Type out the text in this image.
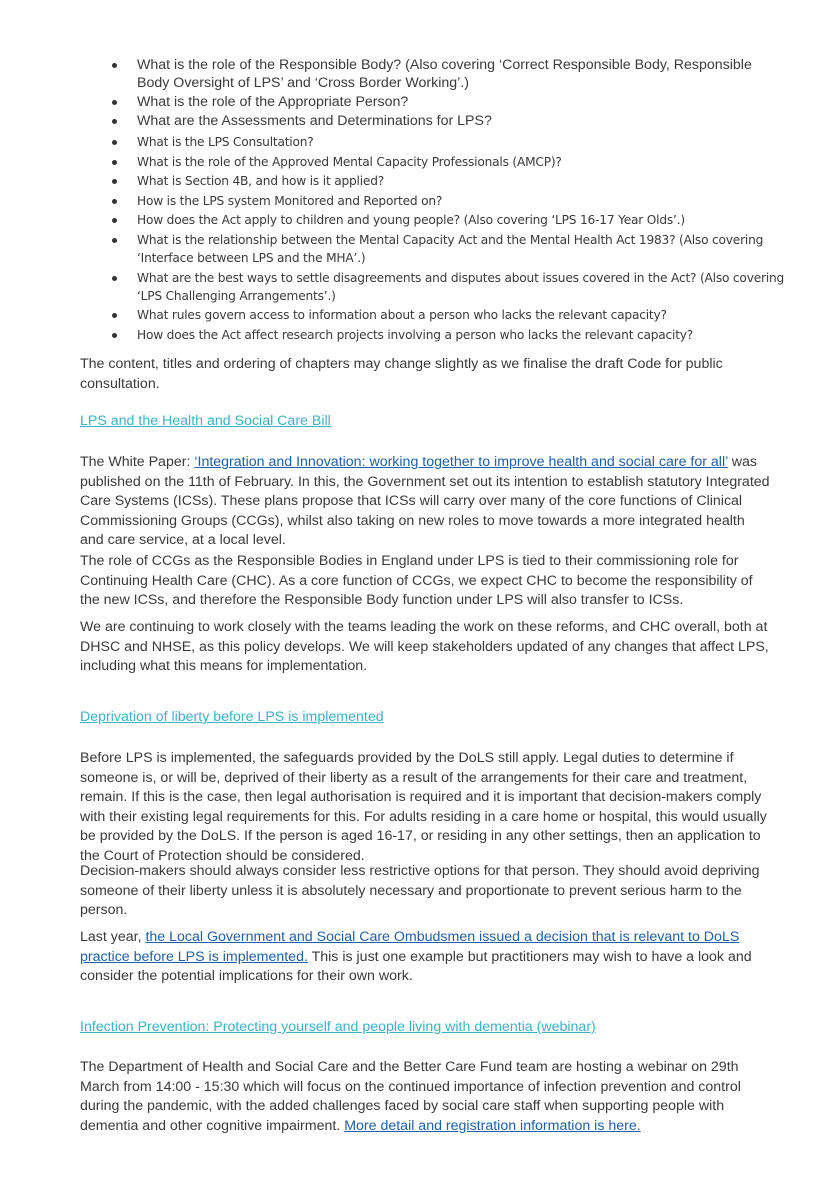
What is the role of the Responsible Body? (Also covering ‘Correct Responsible Body, Responsible Body Oversight of LPS’ and ‘Cross Border Working’.)
What is the role of the Appropriate Person?
What are the Assessments and Determinations for LPS?
What is the LPS Consultation?
What is the role of the Approved Mental Capacity Professionals (AMCP)?
What is Section 4B, and how is it applied?
How is the LPS system Monitored and Reported on?
How does the Act apply to children and young people? (Also covering ‘LPS 16-17 Year Olds’.)
What is the relationship between the Mental Capacity Act and the Mental Health Act 1983? (Also covering ‘Interface between LPS and the MHA’.)
What are the best ways to settle disagreements and disputes about issues covered in the Act? (Also covering ‘LPS Challenging Arrangements’.)
What rules govern access to information about a person who lacks the relevant capacity?
How does the Act affect research projects involving a person who lacks the relevant capacity?

The content, titles and ordering of chapters may change slightly as we finalise the draft Code for public consultation.

LPS and the Health and Social Care Bill

The White Paper: ‘Integration and Innovation: working together to improve health and social care for all’ was published on the 11th of February. In this, the Government set out its intention to establish statutory Integrated Care Systems (ICSs). These plans propose that ICSs will carry over many of the core functions of Clinical Commissioning Groups (CCGs), whilst also taking on new roles to move towards a more integrated health and care service, at a local level.

The role of CCGs as the Responsible Bodies in England under LPS is tied to their commissioning role for Continuing Health Care (CHC). As a core function of CCGs, we expect CHC to become the responsibility of the new ICSs, and therefore the Responsible Body function under LPS will also transfer to ICSs.

We are continuing to work closely with the teams leading the work on these reforms, and CHC overall, both at DHSC and NHSE, as this policy develops. We will keep stakeholders updated of any changes that affect LPS, including what this means for implementation.

Deprivation of liberty before LPS is implemented

Before LPS is implemented, the safeguards provided by the DoLS still apply. Legal duties to determine if someone is, or will be, deprived of their liberty as a result of the arrangements for their care and treatment, remain. If this is the case, then legal authorisation is required and it is important that decision-makers comply with their existing legal requirements for this. For adults residing in a care home or hospital, this would usually be provided by the DoLS. If the person is aged 16-17, or residing in any other settings, then an application to the Court of Protection should be considered.

Decision-makers should always consider less restrictive options for that person. They should avoid depriving someone of their liberty unless it is absolutely necessary and proportionate to prevent serious harm to the person.

Last year, the Local Government and Social Care Ombudsmen issued a decision that is relevant to DoLS practice before LPS is implemented. This is just one example but practitioners may wish to have a look and consider the potential implications for their own work.

Infection Prevention: Protecting yourself and people living with dementia (webinar)

The Department of Health and Social Care and the Better Care Fund team are hosting a webinar on 29th March from 14:00 - 15:30 which will focus on the continued importance of infection prevention and control during the pandemic, with the added challenges faced by social care staff when supporting people with dementia and other cognitive impairment. More detail and registration information is here.
